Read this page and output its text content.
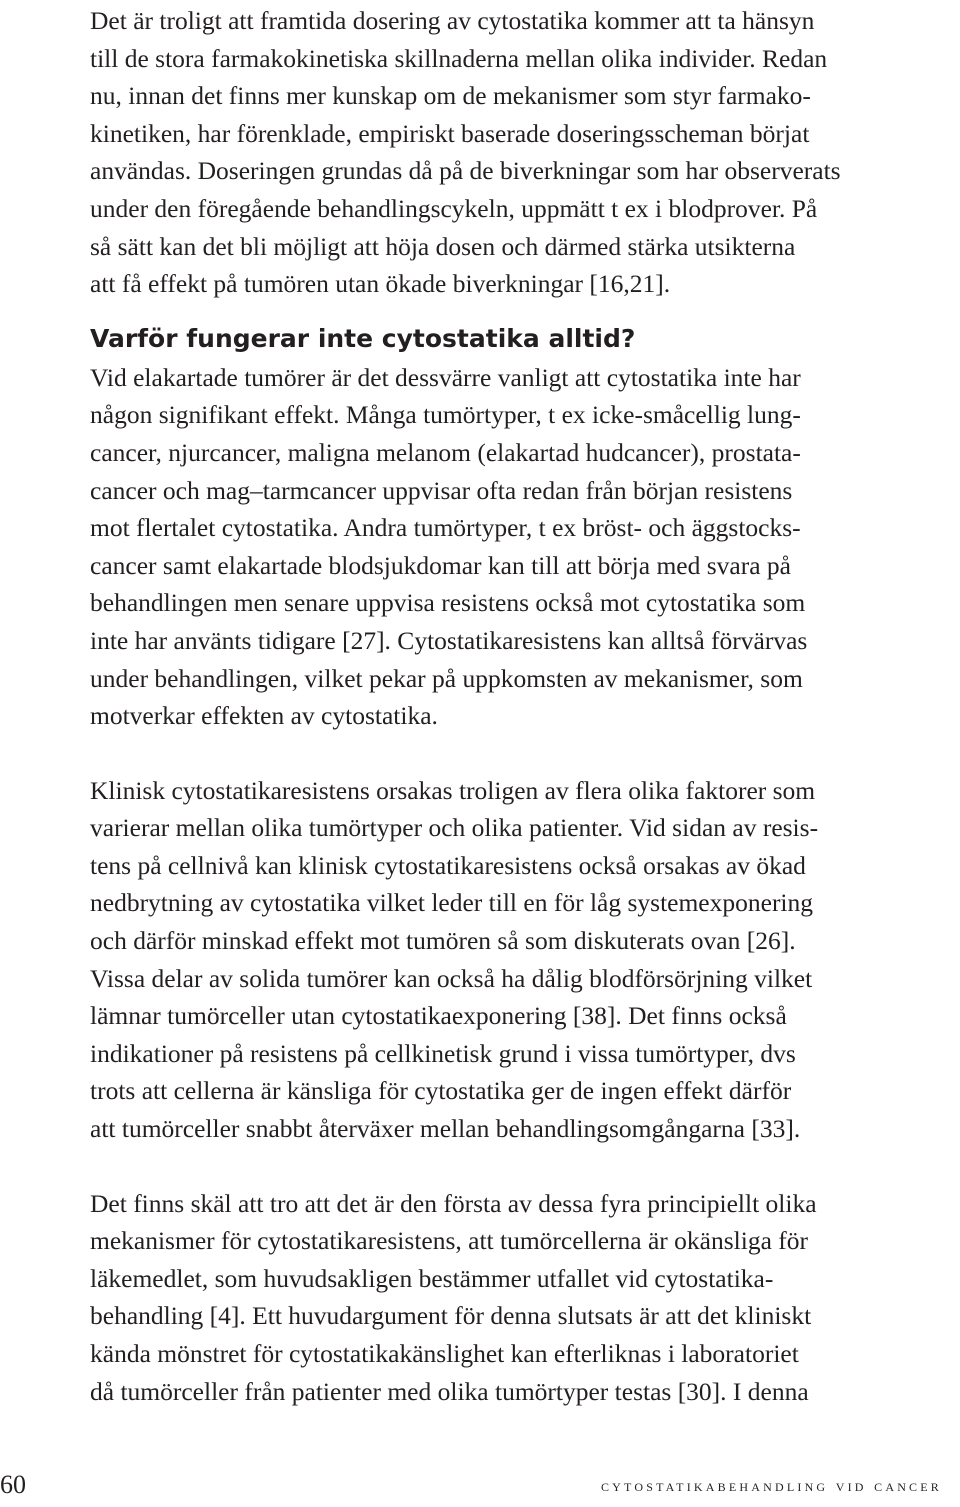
Det är troligt att framtida dosering av cytostatika kommer att ta hänsyn
till de stora farmakokinetiska skillnaderna mellan olika individer. Redan
nu, innan det finns mer kunskap om de mekanismer som styr farmako-
kinetiken, har förenklade, empiriskt baserade doseringsscheman börjat
användas. Doseringen grundas då på de biverkningar som har observerats
under den föregående behandlingscykeln, uppmätt t ex i blodprover. På
så sätt kan det bli möjligt att höja dosen och därmed stärka utsikterna
att få effekt på tumören utan ökade biverkningar [16,21].

Varför fungerar inte cytostatika alltid?

Vid elakartade tumörer är det dessvärre vanligt att cytostatika inte har
någon signifikant effekt. Många tumörtyper, t ex icke-småcellig lung-
cancer, njurcancer, maligna melanom (elakartad hudcancer), prostata-
cancer och mag–tarmcancer uppvisar ofta redan från början resistens
mot flertalet cytostatika. Andra tumörtyper, t ex bröst- och äggstocks-
cancer samt elakartade blodsjukdomar kan till att börja med svara på
behandlingen men senare uppvisa resistens också mot cytostatika som
inte har använts tidigare [27]. Cytostatikaresistens kan alltså förvärvas
under behandlingen, vilket pekar på uppkomsten av mekanismer, som
motverkar effekten av cytostatika.

Klinisk cytostatikaresistens orsakas troligen av flera olika faktorer som
varierar mellan olika tumörtyper och olika patienter. Vid sidan av resis-
tens på cellnivå kan klinisk cytostatikaresistens också orsakas av ökad
nedbrytning av cytostatika vilket leder till en för låg systemexponering
och därför minskad effekt mot tumören så som diskuterats ovan [26].
Vissa delar av solida tumörer kan också ha dålig blodförsörjning vilket
lämnar tumörceller utan cytostatikaexponering [38]. Det finns också
indikationer på resistens på cellkinetisk grund i vissa tumörtyper, dvs
trots att cellerna är känsliga för cytostatika ger de ingen effekt därför
att tumörceller snabbt återväxer mellan behandlingsomgångarna [33].

Det finns skäl att tro att det är den första av dessa fyra principiellt olika
mekanismer för cytostatikaresistens, att tumörcellerna är okänsliga för
läkemedlet, som huvudsakligen bestämmer utfallet vid cytostatika-
behandling [4]. Ett huvudargument för denna slutsats är att det kliniskt
kända mönstret för cytostatikakänslighet kan efterliknas i laboratoriet
då tumörceller från patienter med olika tumörtyper testas [30]. I denna

60	cytostatikabehandling vid cancer
